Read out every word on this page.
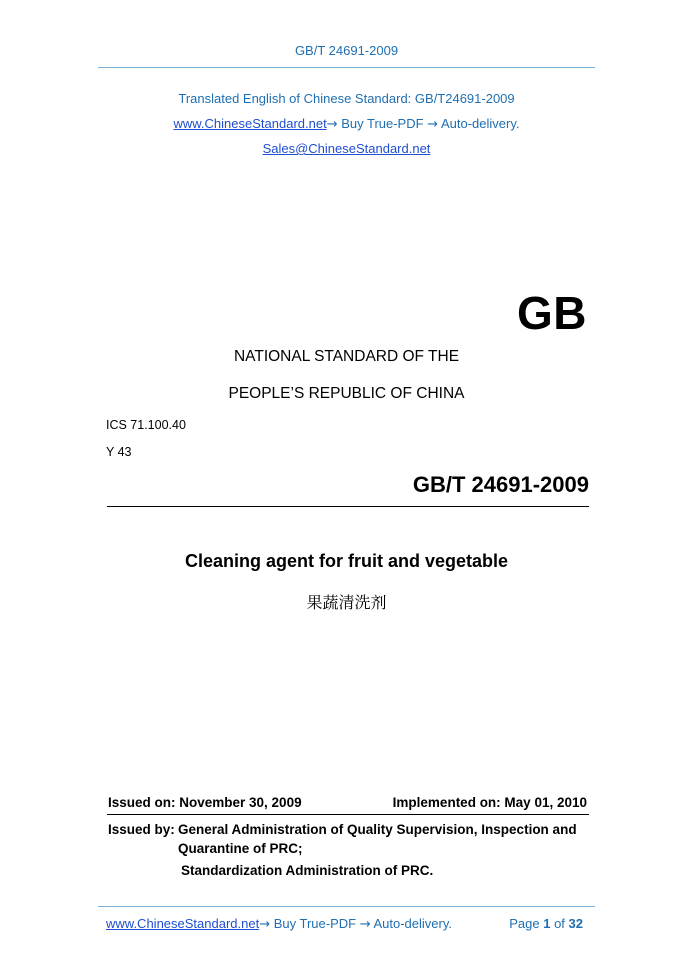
GB/T 24691-2009
Translated English of Chinese Standard: GB/T24691-2009
www.ChineseStandard.net→ Buy True-PDF → Auto-delivery.
Sales@ChineseStandard.net
GB
NATIONAL STANDARD OF THE
PEOPLE’S REPUBLIC OF CHINA
ICS 71.100.40
Y 43
GB/T 24691-2009
Cleaning agent for fruit and vegetable
果蔬清洗剂
Issued on: November 30, 2009	Implemented on: May 01, 2010
Issued by: General Administration of Quality Supervision, Inspection and
Quarantine of PRC;
Standardization Administration of PRC.
www.ChineseStandard.net→ Buy True-PDF → Auto-delivery.	Page 1 of 32
